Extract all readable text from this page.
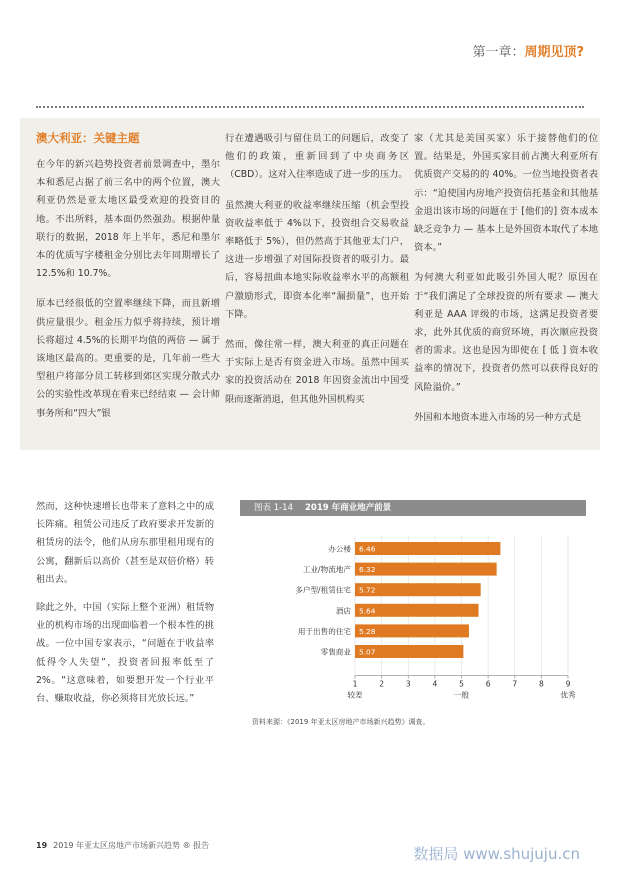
第一章：周期见顶?
澳大利亚：关键主题

在今年的新兴趋势投资者前景调查中，墨尔本和悉尼占据了前三名中的两个位置，澳大利亚仍然是亚太地区最受欢迎的投资目的地。不出所料，基本面仍然强劲。根据仲量联行的数据，2018 年上半年，悉尼和墨尔本的优质写字楼租金分别比去年同期增长了 12.5%和 10.7%。

原本已经很低的空置率继续下降，而且新增供应量很少。租金压力似乎将持续，预计增长将超过 4.5%的长期平均值的两倍 — 属于该地区最高的。更重要的是，几年前一些大型租户将部分员工转移到郊区实现分散式办公的实验性改革现在看来已经结束 — 会计师事务所和“四大”银

行在遭遇吸引与留住员工的问题后，改变了他们的政策，重新回到了中央商务区（CBD）。这对入住率造成了进一步的压力。

虽然澳大利亚的收益率继续压缩（机会型投资收益率低于 4%以下，投资组合交易收益率略低于 5%），但仍然高于其他亚太门户，这进一步增强了对国际投资者的吸引力。最后，容易扭曲本地实际收益率水平的高额租户激励形式，即资本化率“漏损量”，也开始下降。

然而，像往常一样，澳大利亚的真正问题在于实际上是否有资金进入市场。虽然中国买家的投资活动在 2018 年因资金流出中国受限而逐渐消退，但其他外国机构买

家（尤其是美国买家）乐于接替他们的位置。结果是，外国买家目前占澳大利亚所有优质资产交易的的 40%。一位当地投资者表示：“迫使国内房地产投资信托基金和其他基金退出该市场的问题在于 [他们的] 资本成本缺乏竞争力 — 基本上是外国资本取代了本地资本。”

为何澳大利亚如此吸引外国人呢？原因在于“我们满足了全球投资的所有要求 — 澳大利亚是 AAA 评级的市场，这满足投资者要求，此外其优质的商贸环境，再次顺应投资者的需求。这也是因为即使在 [ 低 ] 资本收益率的情况下，投资者仍然可以获得良好的风险溢价。”

外国和本地资本进入市场的另一种方式是

然而，这种快速增长也带来了意料之中的成长阵痛。租赁公司违反了政府要求开发新的租赁房的法令，他们从房东那里租用现有的公寓，翻新后以高价（甚至是双倍价格）转租出去。

除此之外，中国（实际上整个亚洲）租赁物业的机构市场的出现面临着一个根本性的挑战。一位中国专家表示，“问题在于收益率低得令人失望”，投资者回报率低至了 2%。“这意味着，如要想开发一个行业平台、赚取收益，你必须将目光放长远。”

图表 1-14 2019 年商业地产前景
办公楼 6.46
工业/物流地产 6.32
多户型/租赁住宅 5.72
酒店 5.64
用于出售的住宅 5.28
零售商业 5.07
1	2	3	4	5	6	7	8	9
较差	一般	优秀
资料来源：《2019 年亚太区房地产市场新兴趋势》调查。
19 2019 年亚太区房地产市场新兴趋势 ® 报告	数据局 www.shujuju.cn
